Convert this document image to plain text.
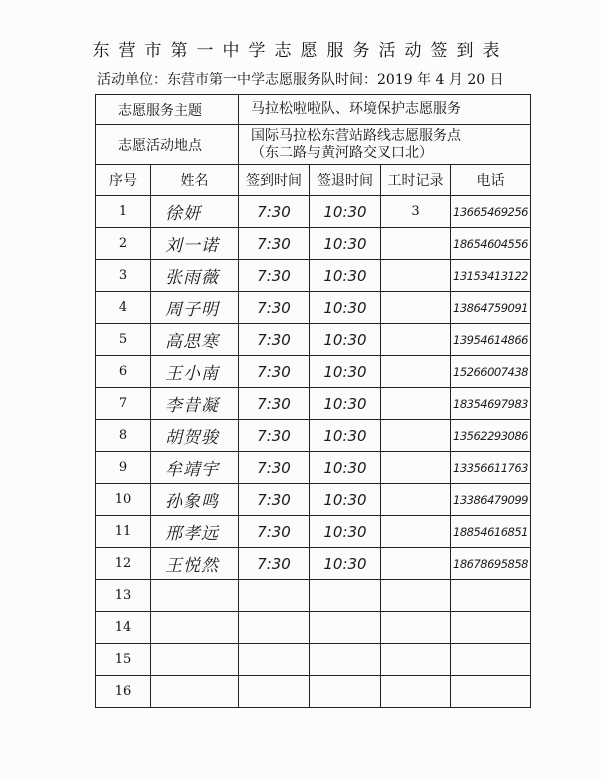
东营市第一中学志愿服务活动签到表
活动单位：东营市第一中学志愿服务队时间：2019 年 4 月 20 日
志愿服务主题		马拉松啦啦队、环境保护志愿服务			
志愿活动地点		国际马拉松东营站路线志愿服务点
（东二路与黄河路交叉口北）			

序号	姓名	签到时间	签退时间	工时记录	电话
1	徐妍	7:30	10:30	3	13665469256
2	刘一诺	7:30	10:30		18654604556
3	张雨薇	7:30	10:30		13153413122
4	周子明	7:30	10:30		13864759091
5	高思寒	7:30	10:30		13954614866
6	王小南	7:30	10:30		15266007438
7	李昔凝	7:30	10:30		18354697983
8	胡贺骏	7:30	10:30		13562293086
9	牟靖宇	7:30	10:30		13356611763
10	孙象鸣	7:30	10:30		13386479099
11	邢孝远	7:30	10:30		18854616851
12	王悦然	7:30	10:30		18678695858
13					
14					
15					
16					
